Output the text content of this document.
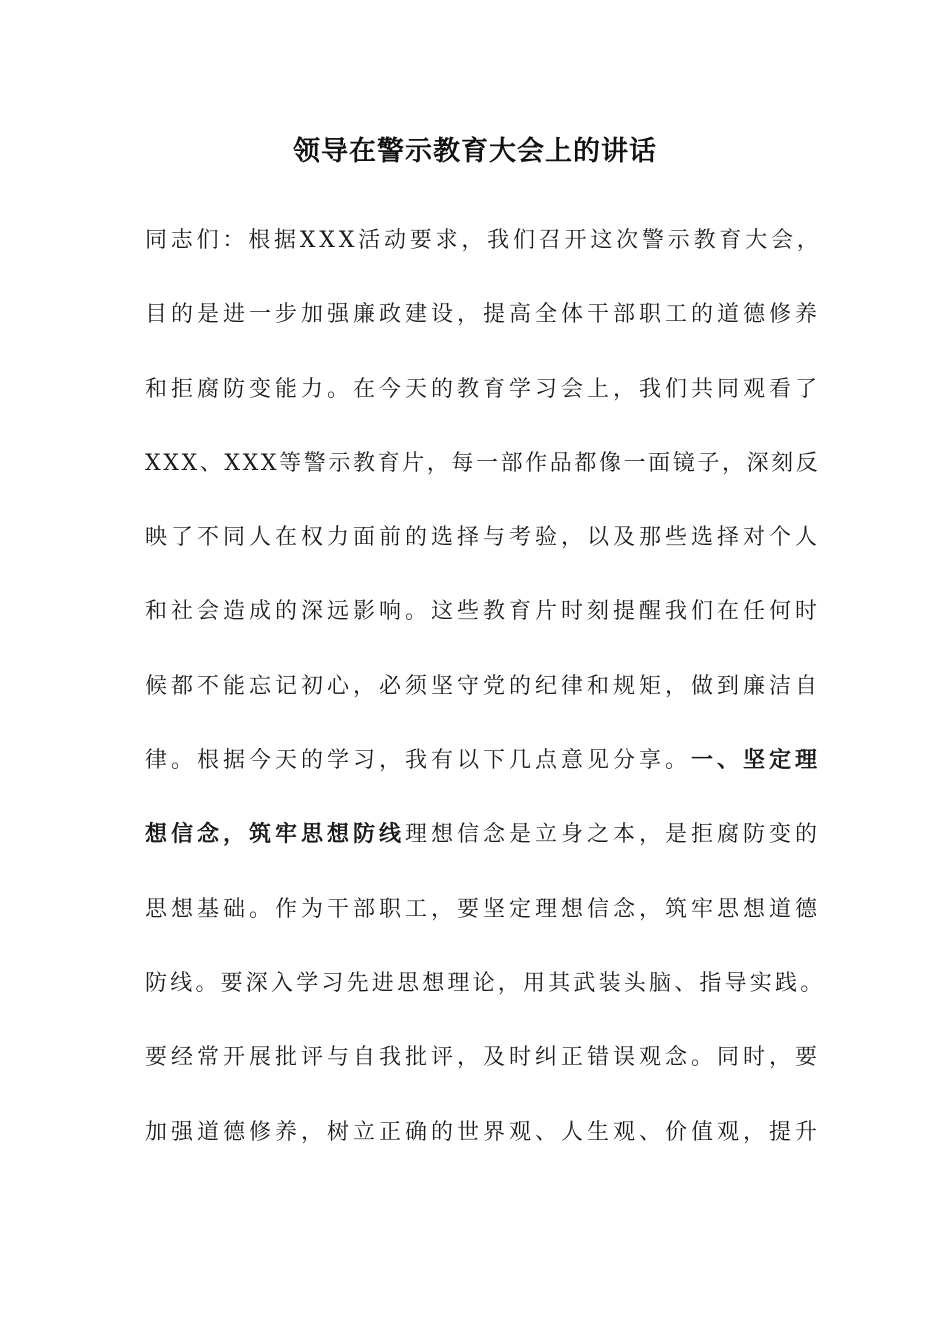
领导在警示教育大会上的讲话
同志们：根据XXX活动要求，我们召开这次警示教育大会，
目的是进一步加强廉政建设，提高全体干部职工的道德修养
和拒腐防变能力。在今天的教育学习会上，我们共同观看了
XXX、XXX等警示教育片，每一部作品都像一面镜子，深刻反
映了不同人在权力面前的选择与考验，以及那些选择对个人
和社会造成的深远影响。这些教育片时刻提醒我们在任何时
候都不能忘记初心，必须坚守党的纪律和规矩，做到廉洁自
律。根据今天的学习，我有以下几点意见分享。一、坚定理
想信念，筑牢思想防线理想信念是立身之本，是拒腐防变的
思想基础。作为干部职工，要坚定理想信念，筑牢思想道德
防线。要深入学习先进思想理论，用其武装头脑、指导实践。
要经常开展批评与自我批评，及时纠正错误观念。同时，要
加强道德修养，树立正确的世界观、人生观、价值观，提升
